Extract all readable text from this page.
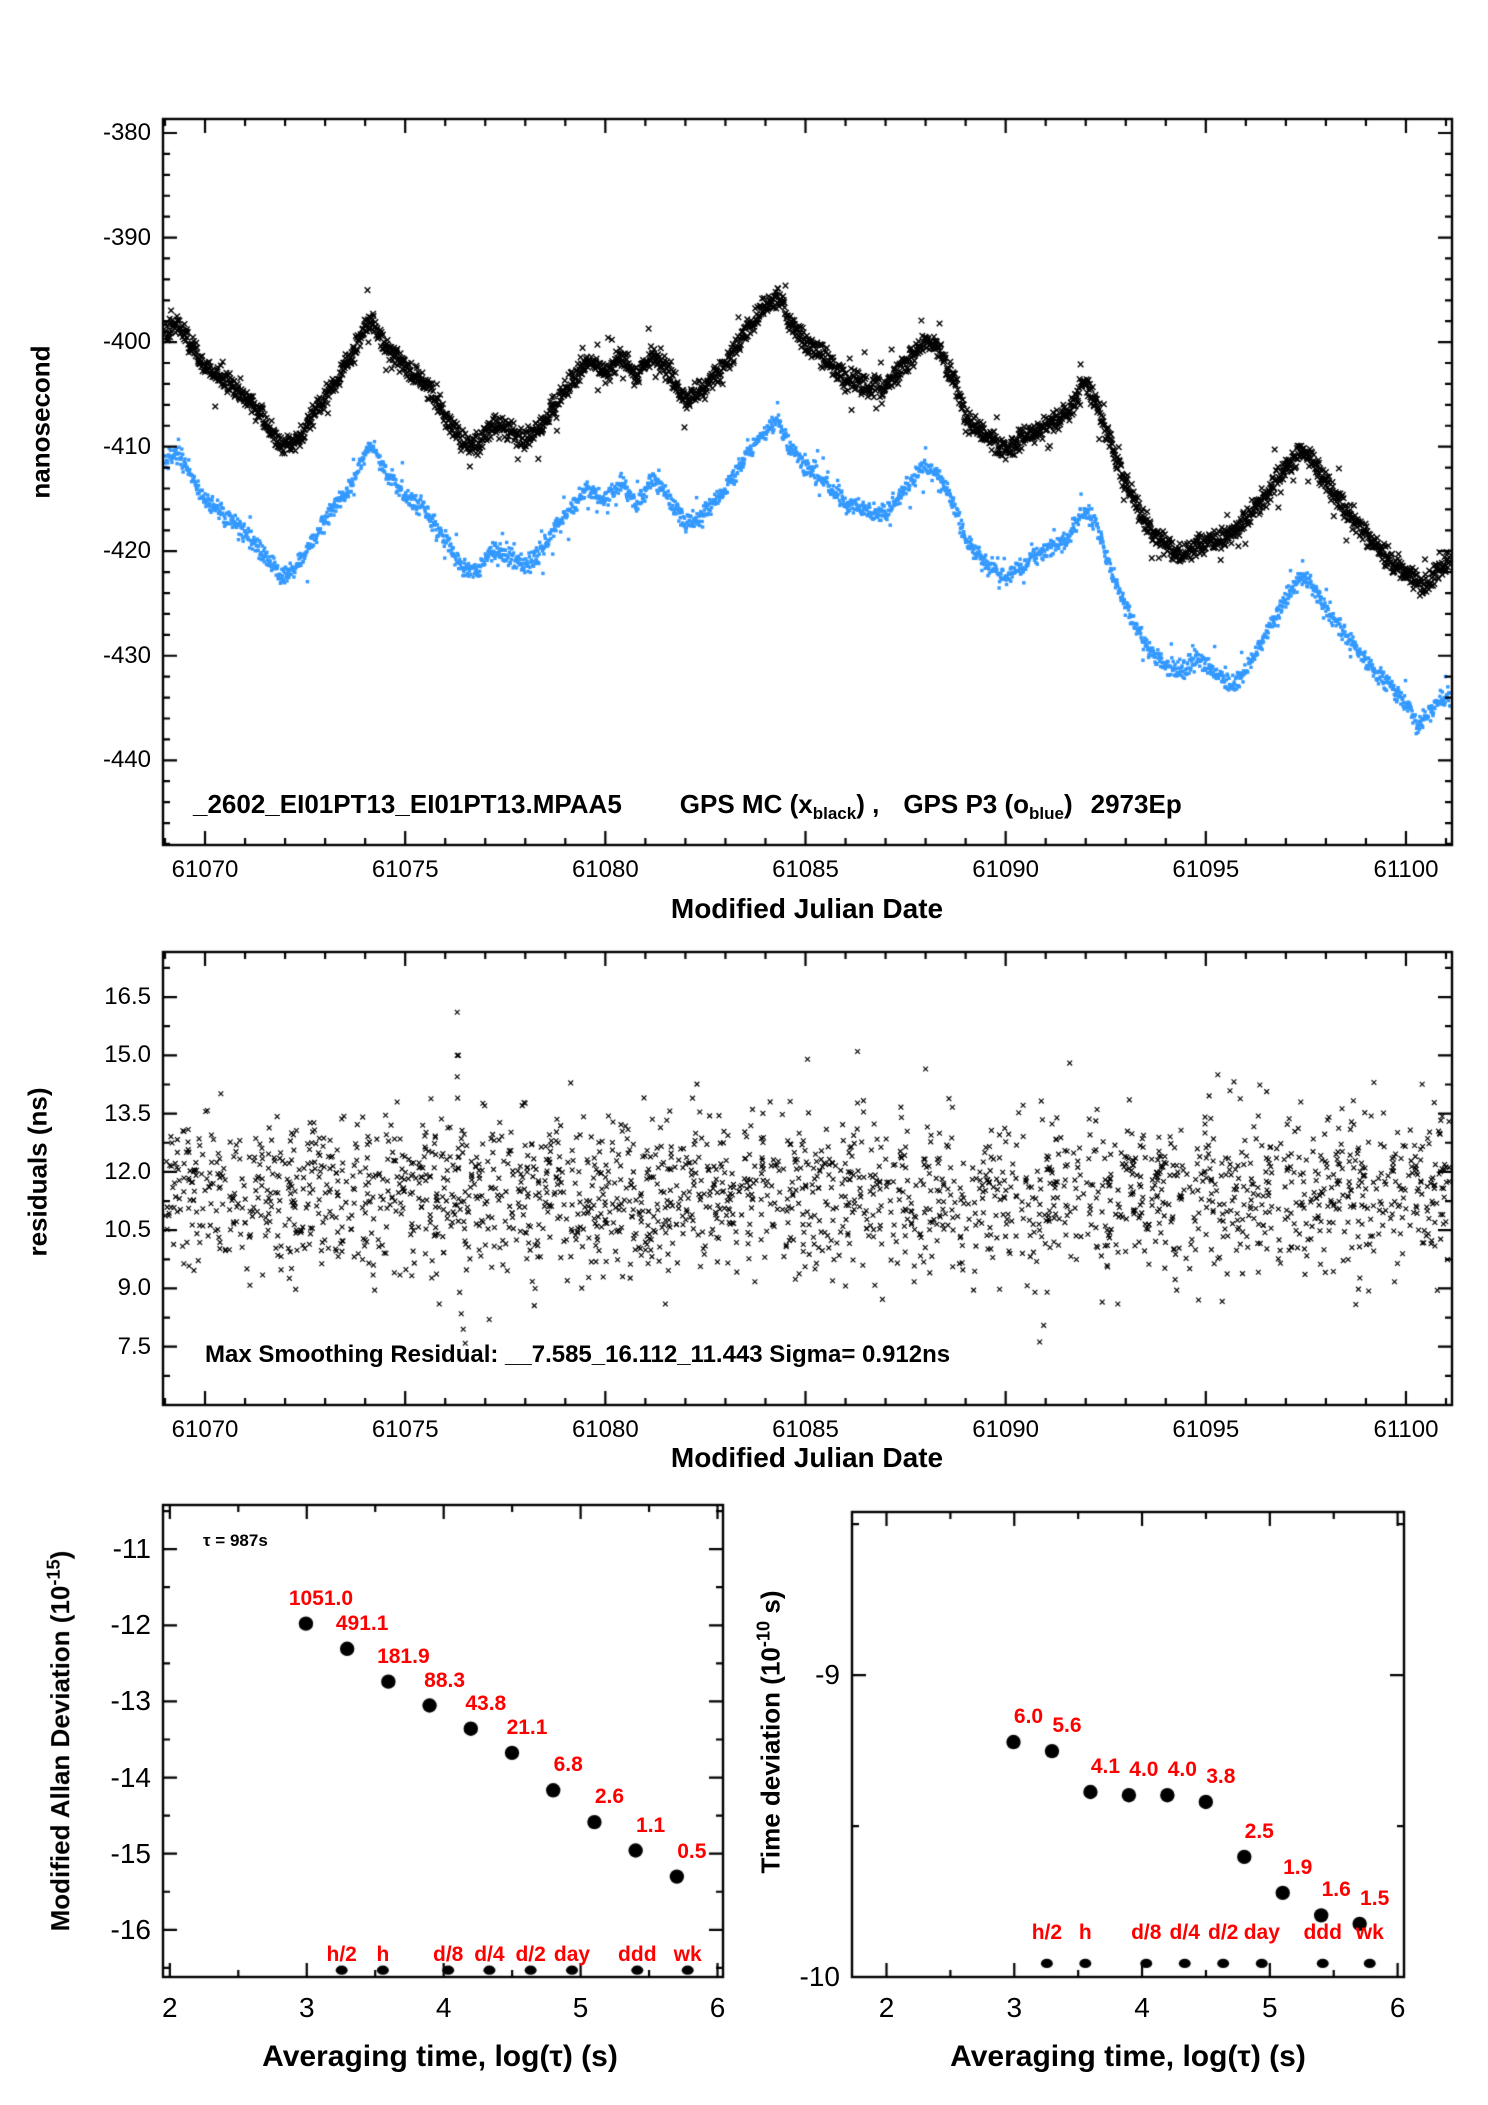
nanosecond
Modified Julian Date
_2602_EI01PT13_EI01PT13.MPAA5 GPS MC $(x_{black})$ , GPS P3 $(o_{blue})$ 2973Ep
residuals (ns)
Modified Julian Date
Max Smoothing Residual: __7.585_16.112_11.443 Sigma= 0.912ns
Modified Allan Deviation $(10^{-15})$
Averaging time, log(τ) (s)
τ = 987s
Time deviation ($10^{-10}$ s)
Averaging time, log(τ) (s)
61070	61075	61080	61085	61090	61095	61100
-380
-390
-400
-410
-420
-430
-440
61070	61075	61080	61085	61090	61095	61100
16.5
15.0
13.5
12.0
10.5
9.0
7.5
1051.0
491.1
181.9
88.3
43.8
21.1
6.8
2.6
1.1
0.5
h/2 h d/8 d/4 d/2 day ddd wk
2	3	4	5	6
-11
-12
-13
-14
-15
-16
6.0 5.6
4.1 4.0 4.0 3.8
2.5
1.9
1.6 1.5
h/2 h d/8 d/4 d/2 day ddd wk
2	3	4	5	6
-9
-10
